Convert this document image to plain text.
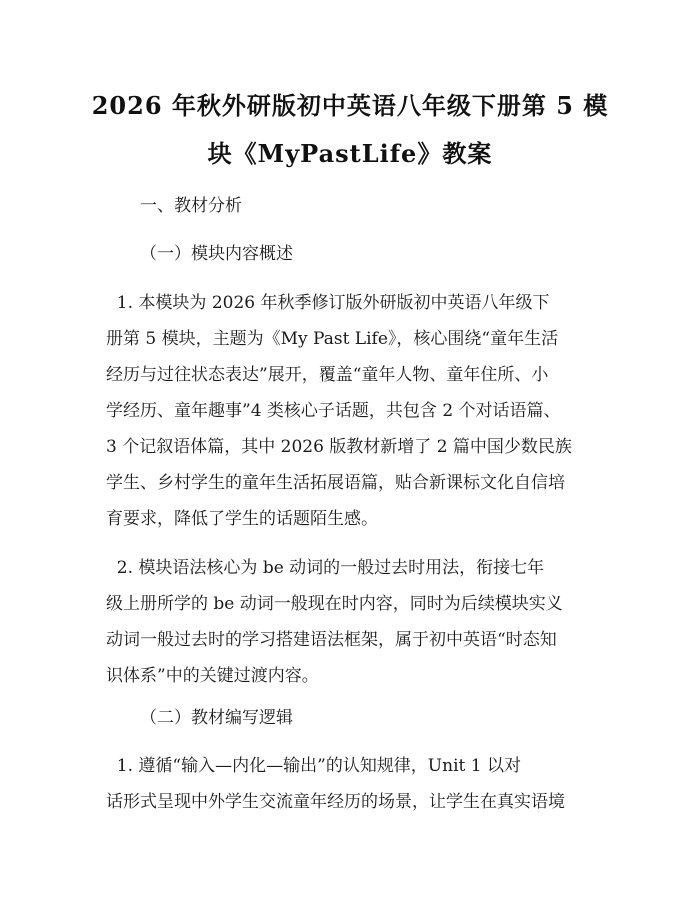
2026 年秋外研版初中英语八年级下册第 5 模
块《MyPastLife》教案
一、教材分析
（一）模块内容概述
1. 本模块为 2026 年秋季修订版外研版初中英语八年级下
册第 5 模块，主题为《My Past Life》，核心围绕“童年生活
经历与过往状态表达”展开，覆盖“童年人物、童年住所、小
学经历、童年趣事”4 类核心子话题，共包含 2 个对话语篇、
3 个记叙语体篇，其中 2026 版教材新增了 2 篇中国少数民族
学生、乡村学生的童年生活拓展语篇，贴合新课标文化自信培
育要求，降低了学生的话题陌生感。
2. 模块语法核心为 be 动词的一般过去时用法，衔接七年
级上册所学的 be 动词一般现在时内容，同时为后续模块实义
动词一般过去时的学习搭建语法框架，属于初中英语“时态知
识体系”中的关键过渡内容。
（二）教材编写逻辑
1. 遵循“输入—内化—输出”的认知规律，Unit 1 以对
话形式呈现中外学生交流童年经历的场景，让学生在真实语境
